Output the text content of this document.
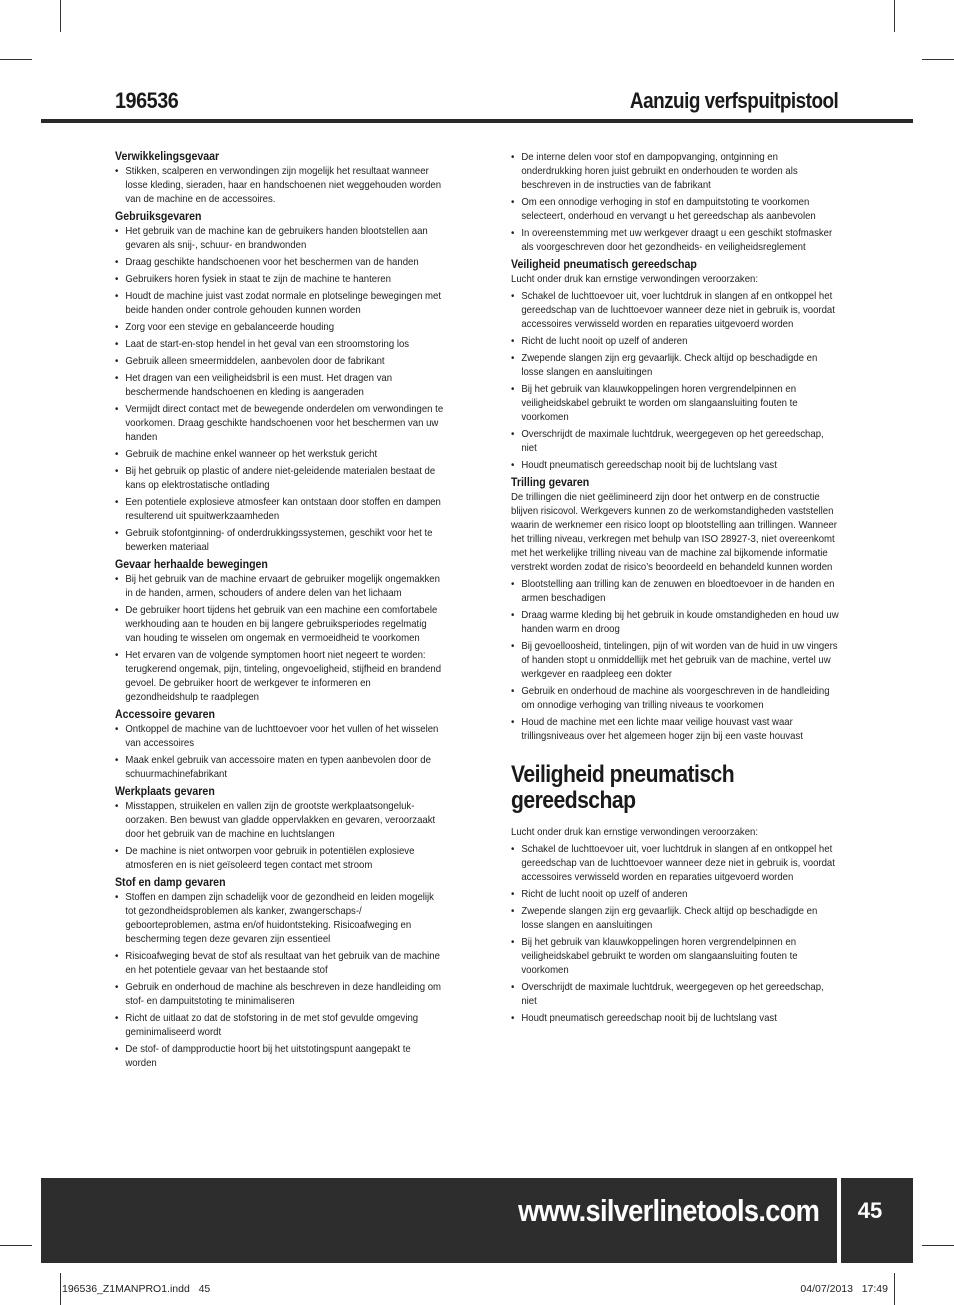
196536	Aanzuig verfspuitpistool
Verwikkelingsgevaar
• Stikken, scalperen en verwondingen zijn mogelijk het resultaat wanneer losse kleding, sieraden, haar en handschoenen niet weggehouden worden van de machine en de accessoires.
Gebruiksgevaren
• Het gebruik van de machine kan de gebruikers handen blootstellen aan gevaren als snij-, schuur- en brandwonden
• Draag geschikte handschoenen voor het beschermen van de handen
• Gebruikers horen fysiek in staat te zijn de machine te hanteren
• Houdt de machine juist vast zodat normale en plotselinge bewegingen met beide handen onder controle gehouden kunnen worden
• Zorg voor een stevige en gebalanceerde houding
• Laat de start-en-stop hendel in het geval van een stroomstoring los
• Gebruik alleen smeermiddelen, aanbevolen door de fabrikant
• Het dragen van een veiligheidsbril is een must. Het dragen van beschermende handschoenen en kleding is aangeraden
• Vermijdt direct contact met de bewegende onderdelen om verwondingen te voorkomen. Draag geschikte handschoenen voor het beschermen van uw handen
• Gebruik de machine enkel wanneer op het werkstuk gericht
• Bij het gebruik op plastic of andere niet-geleidende materialen bestaat de kans op elektrostatische ontlading
• Een potentiele explosieve atmosfeer kan ontstaan door stoffen en dampen resulterend uit spuitwerkzaamheden
• Gebruik stofontginning- of onderdrukkingssystemen, geschikt voor het te bewerken materiaal
Gevaar herhaalde bewegingen
• Bij het gebruik van de machine ervaart de gebruiker mogelijk ongemakken in de handen, armen, schouders of andere delen van het lichaam
• De gebruiker hoort tijdens het gebruik van een machine een comfortabele werkhouding aan te houden en bij langere gebruiksperiodes regelmatig van houding te wisselen om ongemak en vermoeidheid te voorkomen
• Het ervaren van de volgende symptomen hoort niet negeert te worden: terugkerend ongemak, pijn, tinteling, ongevoeligheid, stijfheid en brandend gevoel. De gebruiker hoort de werkgever te informeren en gezondheidshulp te raadplegen
Accessoire gevaren
• Ontkoppel de machine van de luchttoevoer voor het vullen of het wisselen van accessoires
• Maak enkel gebruik van accessoire maten en typen aanbevolen door de schuurmachinefabrikant
Werkplaats gevaren
• Misstappen, struikelen en vallen zijn de grootste werkplaatsongeluk-oorzaken. Ben bewust van gladde oppervlakken en gevaren, veroorzaakt door het gebruik van de machine en luchtslangen
• De machine is niet ontworpen voor gebruik in potentiëlen explosieve atmosferen en is niet geïsoleerd tegen contact met stroom
Stof en damp gevaren
• Stoffen en dampen zijn schadelijk voor de gezondheid en leiden mogelijk tot gezondheidsproblemen als kanker, zwangerschaps-/ geboorteproblemen, astma en/of huidontsteking. Risicoafweging en bescherming tegen deze gevaren zijn essentieel
• Risicoafweging bevat de stof als resultaat van het gebruik van de machine en het potentiele gevaar van het bestaande stof
• Gebruik en onderhoud de machine als beschreven in deze handleiding om stof- en dampuitstoting te minimaliseren
• Richt de uitlaat zo dat de stofstoring in de met stof gevulde omgeving geminimaliseerd wordt
• De stof- of dampproductie hoort bij het uitstotingspunt aangepakt te worden
• De interne delen voor stof en dampopvanging, ontginning en onderdrukking horen juist gebruikt en onderhouden te worden als beschreven in de instructies van de fabrikant
• Om een onnodige verhoging in stof en dampuitstoting te voorkomen selecteert, onderhoud en vervangt u het gereedschap als aanbevolen
• In overeenstemming met uw werkgever draagt u een geschikt stofmasker als voorgeschreven door het gezondheids- en veiligheidsreglement
Veiligheid pneumatisch gereedschap
Lucht onder druk kan ernstige verwondingen veroorzaken:
• Schakel de luchttoevoer uit, voer luchtdruk in slangen af en ontkoppel het gereedschap van de luchttoevoer wanneer deze niet in gebruik is, voordat accessoires verwisseld worden en reparaties uitgevoerd worden
• Richt de lucht nooit op uzelf of anderen
• Zwepende slangen zijn erg gevaarlijk. Check altijd op beschadigde en losse slangen en aansluitingen
• Bij het gebruik van klauwkoppelingen horen vergrendelpinnen en veiligheidskabel gebruikt te worden om slangaansluiting fouten te voorkomen
• Overschrijdt de maximale luchtdruk, weergegeven op het gereedschap, niet
• Houdt pneumatisch gereedschap nooit bij de luchtslang vast
Trilling gevaren
De trillingen die niet geëlimineerd zijn door het ontwerp en de constructie blijven risicovol. Werkgevers kunnen zo de werkomstandigheden vaststellen waarin de werknemer een risico loopt op blootstelling aan trillingen. Wanneer het trilling niveau, verkregen met behulp van ISO 28927-3, niet overeenkomt met het werkelijke trilling niveau van de machine zal bijkomende informatie verstrekt worden zodat de risico’s beoordeeld en behandeld kunnen worden
• Blootstelling aan trilling kan de zenuwen en bloedtoevoer in de handen en armen beschadigen
• Draag warme kleding bij het gebruik in koude omstandigheden en houd uw handen warm en droog
• Bij gevoelloosheid, tintelingen, pijn of wit worden van de huid in uw vingers of handen stopt u onmiddellijk met het gebruik van de machine, vertel uw werkgever en raadpleeg een dokter
• Gebruik en onderhoud de machine als voorgeschreven in de handleiding om onnodige verhoging van trilling niveaus te voorkomen
• Houd de machine met een lichte maar veilige houvast vast waar trillingsniveaus over het algemeen hoger zijn bij een vaste houvast
Veiligheid pneumatisch gereedschap
Lucht onder druk kan ernstige verwondingen veroorzaken:
• Schakel de luchttoevoer uit, voer luchtdruk in slangen af en ontkoppel het gereedschap van de luchttoevoer wanneer deze niet in gebruik is, voordat accessoires verwisseld worden en reparaties uitgevoerd worden
• Richt de lucht nooit op uzelf of anderen
• Zwepende slangen zijn erg gevaarlijk. Check altijd op beschadigde en losse slangen en aansluitingen
• Bij het gebruik van klauwkoppelingen horen vergrendelpinnen en veiligheidskabel gebruikt te worden om slangaansluiting fouten te voorkomen
• Overschrijdt de maximale luchtdruk, weergegeven op het gereedschap, niet
• Houdt pneumatisch gereedschap nooit bij de luchtslang vast
www.silverlinetools.com	45
196536_Z1MANPRO1.indd   45	04/07/2013   17:49
